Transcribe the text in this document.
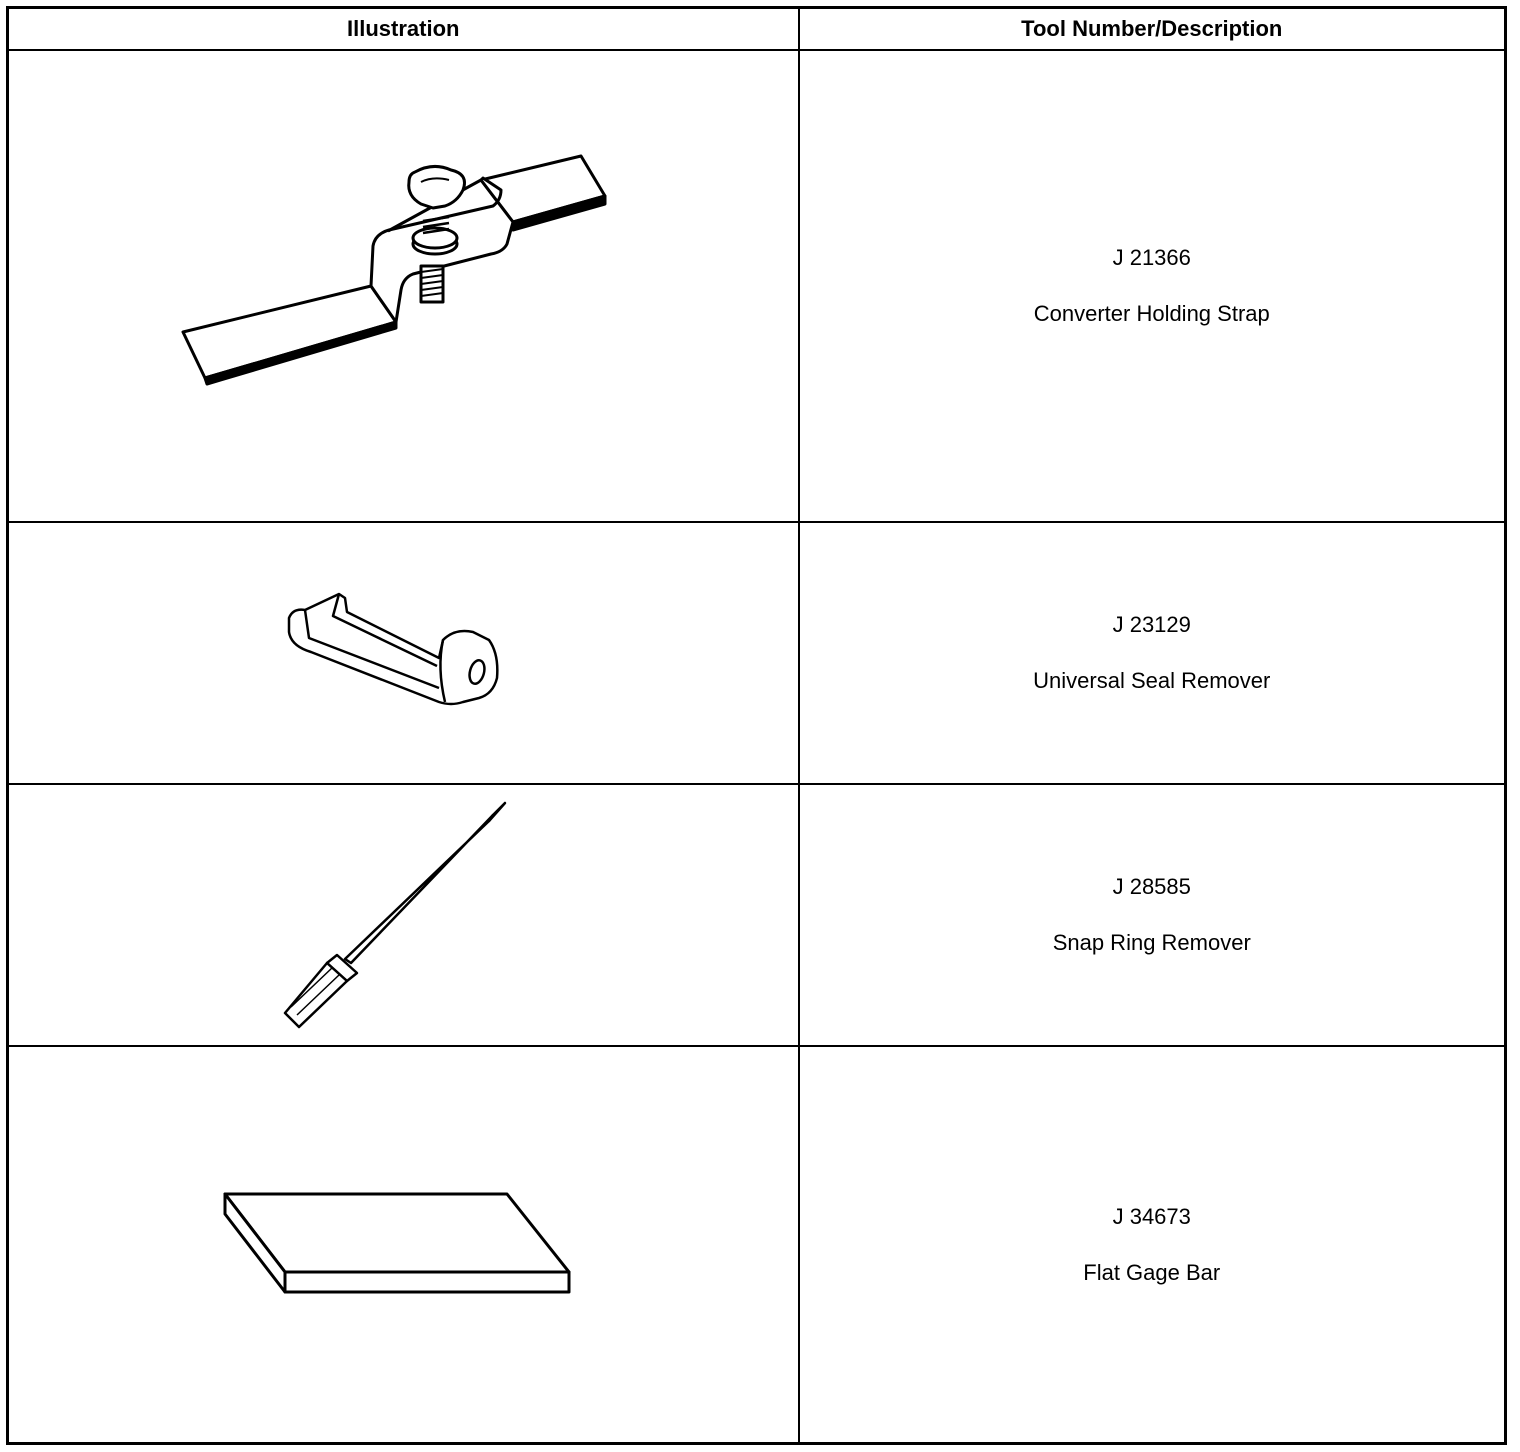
Illustration	Tool Number/Description

J 21366
Converter Holding Strap

J 23129
Universal Seal Remover

J 28585
Snap Ring Remover

J 34673
Flat Gage Bar
